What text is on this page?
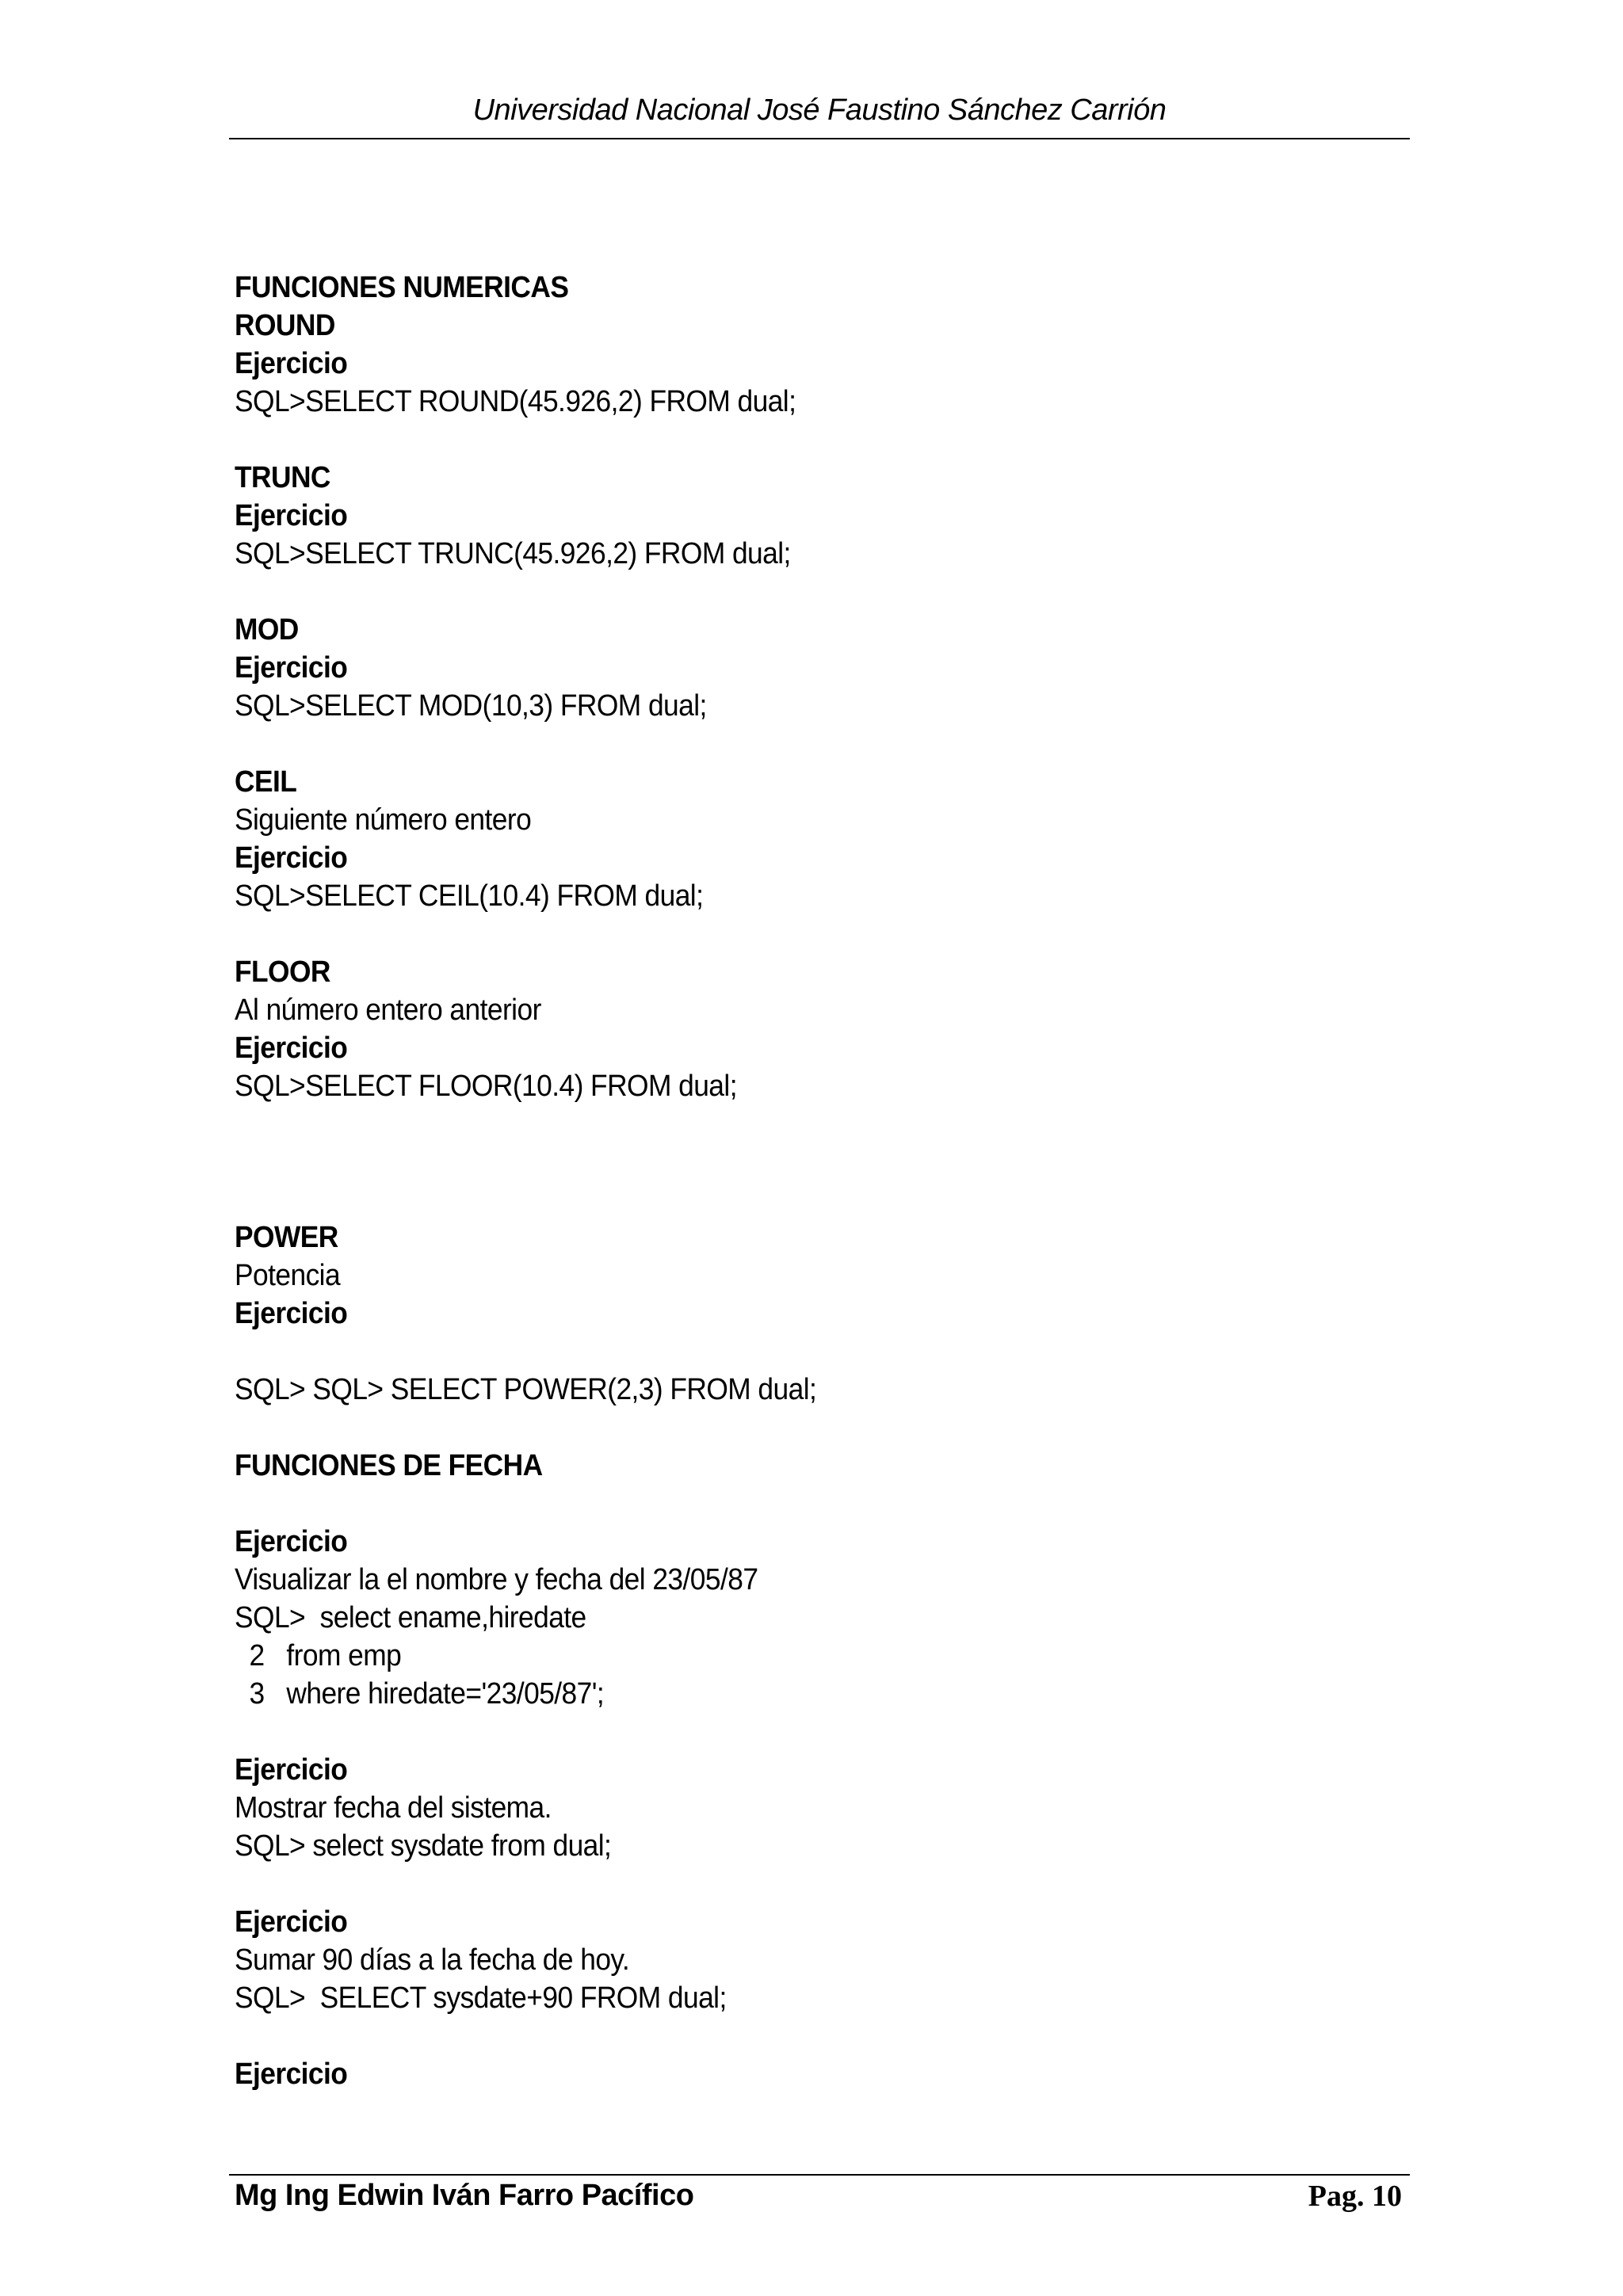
Universidad Nacional José Faustino Sánchez Carrión
FUNCIONES NUMERICAS
ROUND
Ejercicio
SQL>SELECT ROUND(45.926,2) FROM dual;
TRUNC
Ejercicio
SQL>SELECT TRUNC(45.926,2) FROM dual;
MOD
Ejercicio
SQL>SELECT MOD(10,3) FROM dual;
CEIL
Siguiente número entero
Ejercicio
SQL>SELECT CEIL(10.4) FROM dual;
FLOOR
Al número entero anterior
Ejercicio
SQL>SELECT FLOOR(10.4) FROM dual;
POWER
Potencia
Ejercicio
SQL> SQL> SELECT POWER(2,3) FROM dual;
FUNCIONES DE FECHA
Ejercicio
Visualizar la el nombre y fecha del 23/05/87
SQL>  select ename,hiredate
2   from emp
3   where hiredate='23/05/87';
Ejercicio
Mostrar fecha del sistema.
SQL> select sysdate from dual;
Ejercicio
Sumar 90 días a la fecha de hoy.
SQL>  SELECT sysdate+90 FROM dual;
Ejercicio
Mg Ing Edwin Iván Farro Pacífico	Pag. 10
